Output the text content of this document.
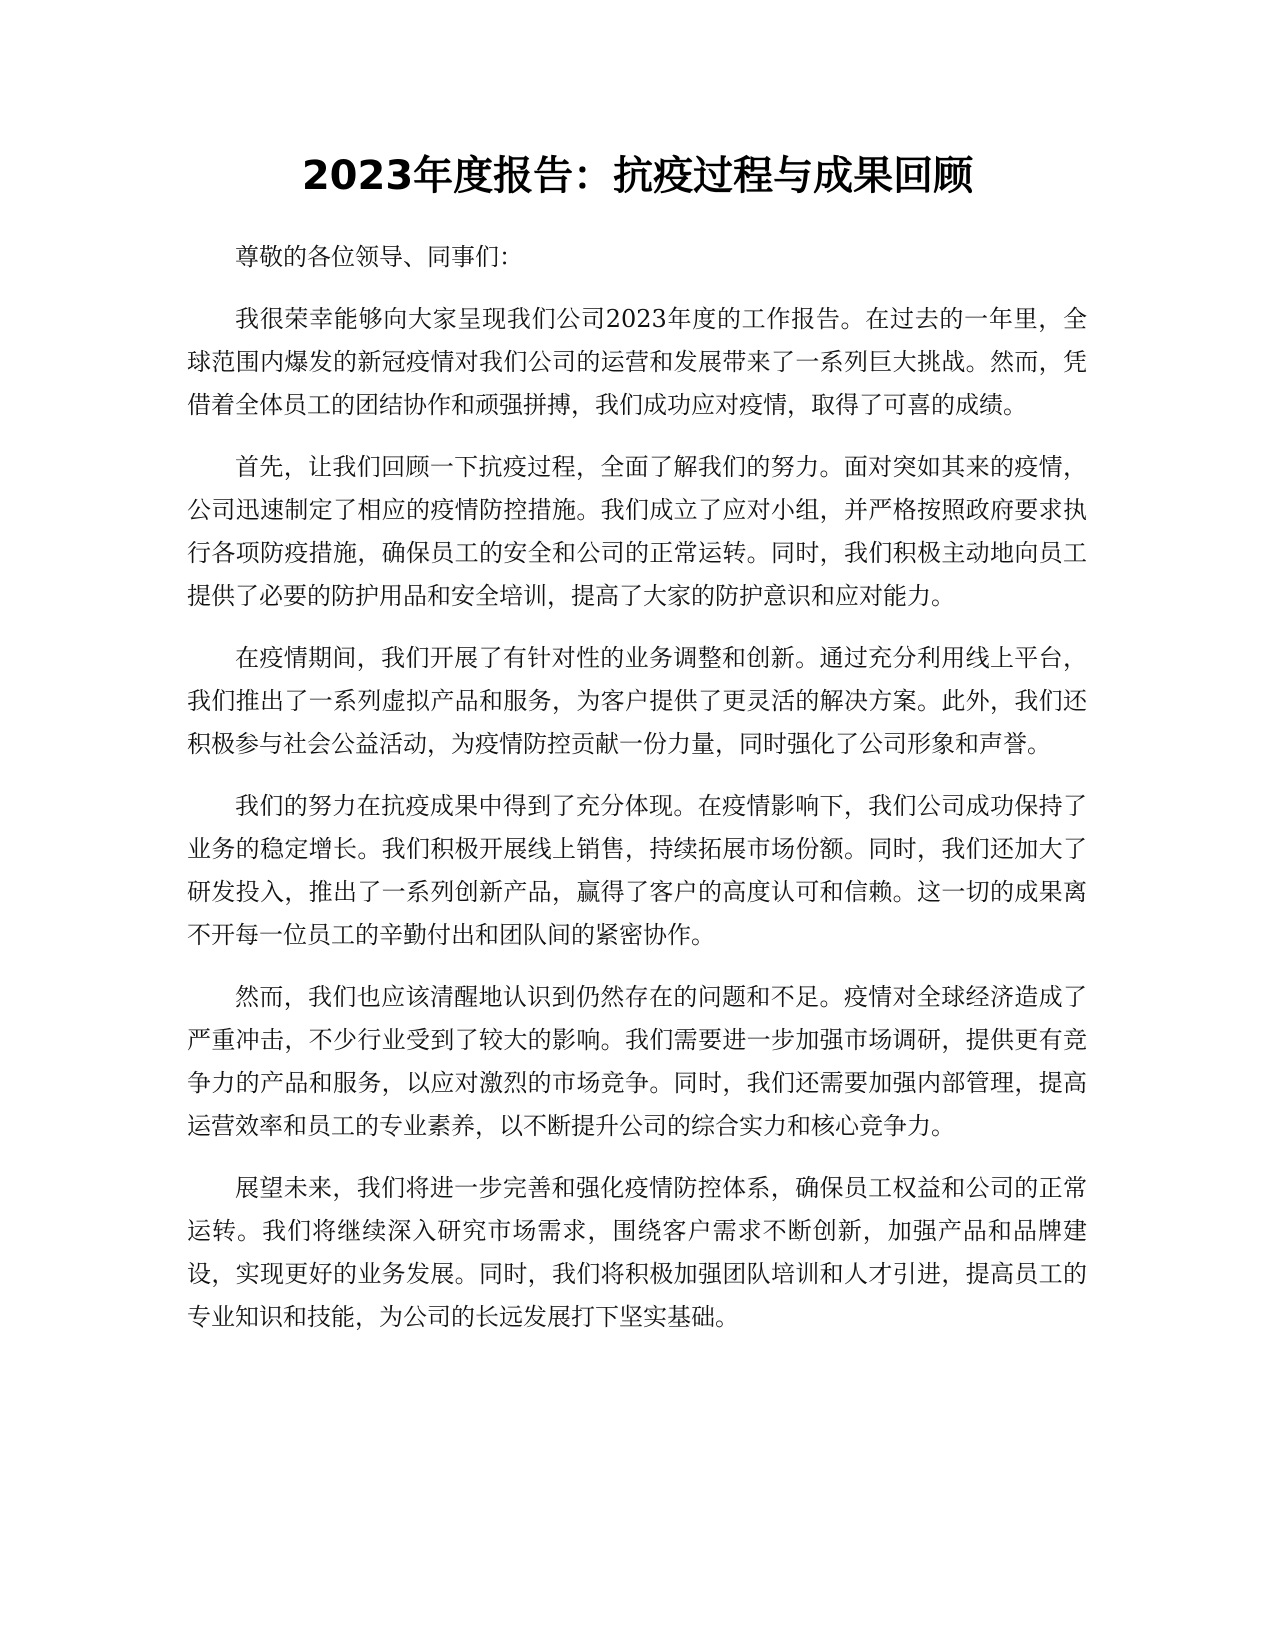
2023年度报告：抗疫过程与成果回顾

尊敬的各位领导、同事们：

我很荣幸能够向大家呈现我们公司2023年度的工作报告。在过去的一年里，全球范围内爆发的新冠疫情对我们公司的运营和发展带来了一系列巨大挑战。然而，凭借着全体员工的团结协作和顽强拼搏，我们成功应对疫情，取得了可喜的成绩。

首先，让我们回顾一下抗疫过程，全面了解我们的努力。面对突如其来的疫情，公司迅速制定了相应的疫情防控措施。我们成立了应对小组，并严格按照政府要求执行各项防疫措施，确保员工的安全和公司的正常运转。同时，我们积极主动地向员工提供了必要的防护用品和安全培训，提高了大家的防护意识和应对能力。

在疫情期间，我们开展了有针对性的业务调整和创新。通过充分利用线上平台，我们推出了一系列虚拟产品和服务，为客户提供了更灵活的解决方案。此外，我们还积极参与社会公益活动，为疫情防控贡献一份力量，同时强化了公司形象和声誉。

我们的努力在抗疫成果中得到了充分体现。在疫情影响下，我们公司成功保持了业务的稳定增长。我们积极开展线上销售，持续拓展市场份额。同时，我们还加大了研发投入，推出了一系列创新产品，赢得了客户的高度认可和信赖。这一切的成果离不开每一位员工的辛勤付出和团队间的紧密协作。

然而，我们也应该清醒地认识到仍然存在的问题和不足。疫情对全球经济造成了严重冲击，不少行业受到了较大的影响。我们需要进一步加强市场调研，提供更有竞争力的产品和服务，以应对激烈的市场竞争。同时，我们还需要加强内部管理，提高运营效率和员工的专业素养，以不断提升公司的综合实力和核心竞争力。

展望未来，我们将进一步完善和强化疫情防控体系，确保员工权益和公司的正常运转。我们将继续深入研究市场需求，围绕客户需求不断创新，加强产品和品牌建设，实现更好的业务发展。同时，我们将积极加强团队培训和人才引进，提高员工的专业知识和技能，为公司的长远发展打下坚实基础。
